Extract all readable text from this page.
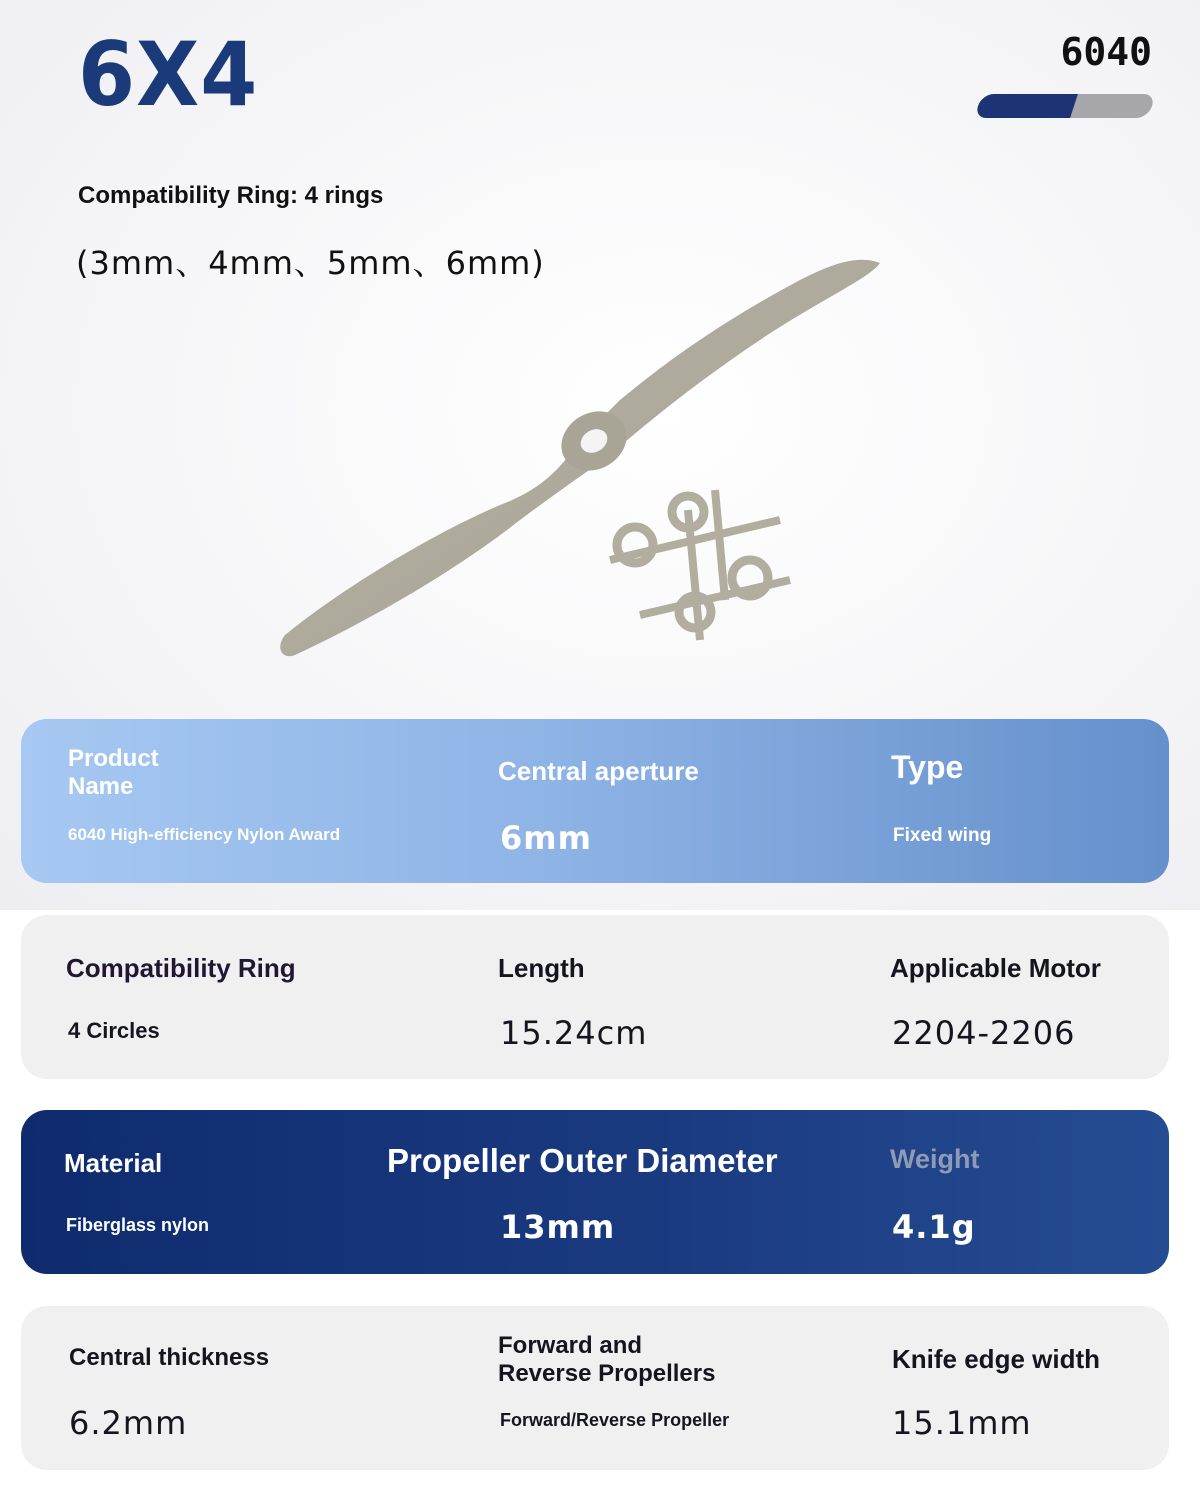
6X4	6040
Compatibility Ring: 4 rings
(3mm、4mm、5mm、6mm)
Product
Name
6040 High-efficiency Nylon Award
Central aperture
6mm
Type
Fixed wing
Compatibility Ring
4 Circles
Length
15.24cm
Applicable Motor
2204-2206
Material
Fiberglass nylon
Propeller Outer Diameter
13mm
Weight
4.1g
Central thickness
6.2mm
Forward and
Reverse Propellers
Forward/Reverse Propeller
Knife edge width
15.1mm
